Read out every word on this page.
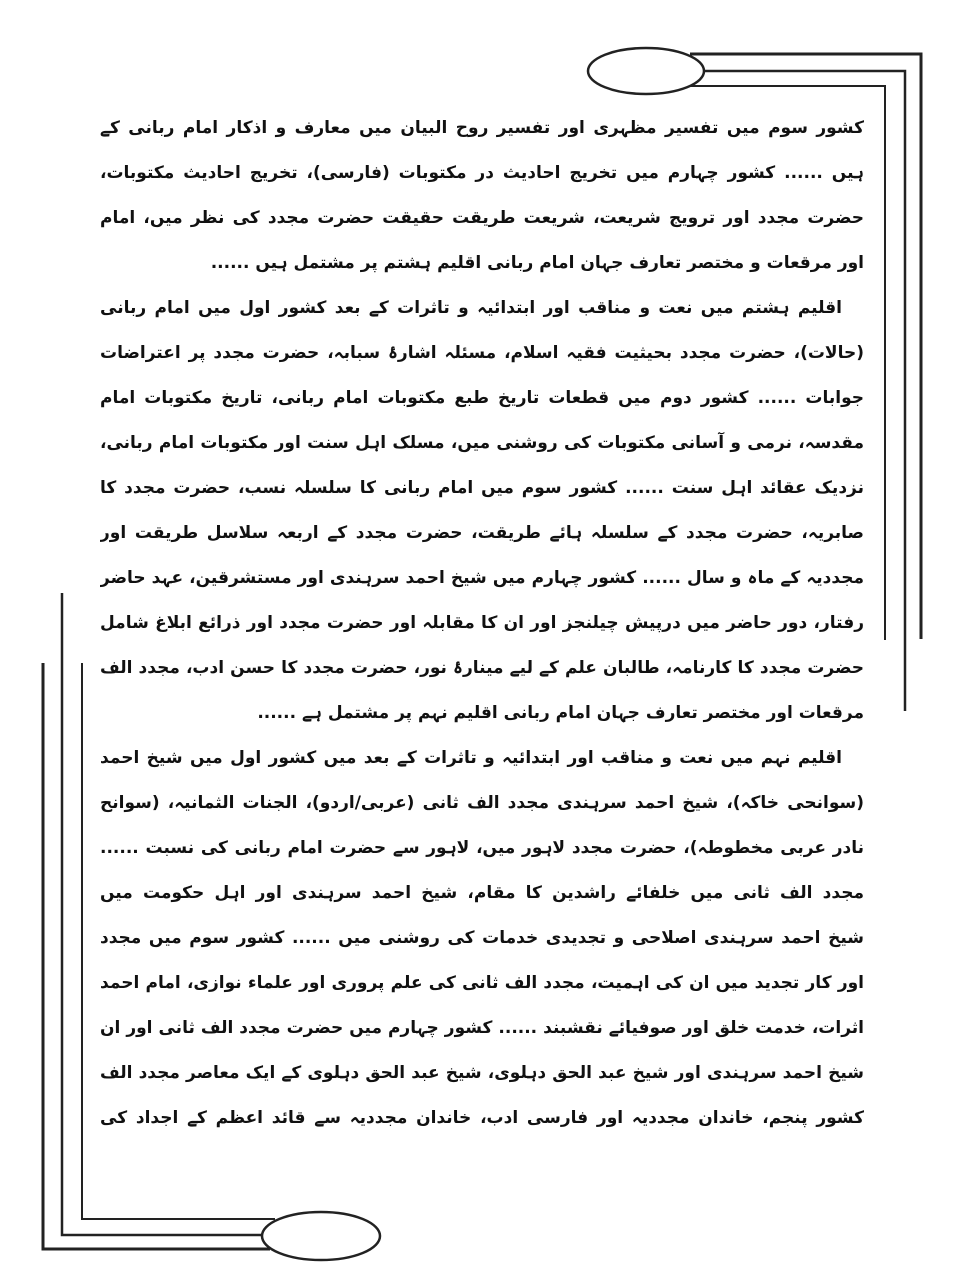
کشور سوم میں تفسیر مظہری اور تفسیر روح البیان میں معارف و اذکار امام ربانی کے
ہیں ...... کشور چہارم میں تخریج احادیث در مکتوبات (فارسی)، تخریج احادیث مکتوبات،
حضرت مجدد اور ترویج شریعت، شریعت طریقت حقیقت حضرت مجدد کی نظر میں، امام
اور مرقعات و مختصر تعارف جہان امام ربانی اقلیم ہشتم پر مشتمل ہیں ......
اقلیم ہشتم میں نعت و مناقب اور ابتدائیہ و تاثرات کے بعد کشور اول میں امام ربانی
(حالات)، حضرت مجدد بحیثیت فقیہ اسلام، مسئلہ اشارۂ سبابہ، حضرت مجدد پر اعتراضات
جوابات ...... کشور دوم میں قطعات تاریخ طبع مکتوبات امام ربانی، تاریخ مکتوبات امام
مقدسہ، نرمی و آسانی مکتوبات کی روشنی میں، مسلک اہل سنت اور مکتوبات امام ربانی،
نزدیک عقائد اہل سنت ...... کشور سوم میں امام ربانی کا سلسلہ نسب، حضرت مجدد کا
صابریہ، حضرت مجدد کے سلسلہ ہائے طریقت، حضرت مجدد کے اربعہ سلاسل طریقت اور
مجددیہ کے ماہ و سال ...... کشور چہارم میں شیخ احمد سرہندی اور مستشرقین، عہد حاضر
رفتار، دور حاضر میں درپیش چیلنجز اور ان کا مقابلہ اور حضرت مجدد اور ذرائع ابلاغ شامل
حضرت مجدد کا کارنامہ، طالبان علم کے لیے مینارۂ نور، حضرت مجدد کا حسن ادب، مجدد الف
مرقعات اور مختصر تعارف جہان امام ربانی اقلیم نہم پر مشتمل ہے ......
اقلیم نہم میں نعت و مناقب اور ابتدائیہ و تاثرات کے بعد میں کشور اول میں شیخ احمد
(سوانحی خاکہ)، شیخ احمد سرہندی مجدد الف ثانی (عربی/اردو)، الجنات الثمانیہ، (سوانح
نادر عربی مخطوطہ)، حضرت مجدد لاہور میں، لاہور سے حضرت امام ربانی کی نسبت ......
مجدد الف ثانی میں خلفائے راشدین کا مقام، شیخ احمد سرہندی اور اہل حکومت میں
شیخ احمد سرہندی اصلاحی و تجدیدی خدمات کی روشنی میں ...... کشور سوم میں مجدد
اور کار تجدید میں ان کی اہمیت، مجدد الف ثانی کی علم پروری اور علماء نوازی، امام احمد
اثرات، خدمت خلق اور صوفیائے نقشبند ...... کشور چہارم میں حضرت مجدد الف ثانی اور ان
شیخ احمد سرہندی اور شیخ عبد الحق دہلوی، شیخ عبد الحق دہلوی کے ایک معاصر مجدد الف
کشور پنجم، خاندان مجددیہ اور فارسی ادب، خاندان مجددیہ سے قائد اعظم کے اجداد کی
